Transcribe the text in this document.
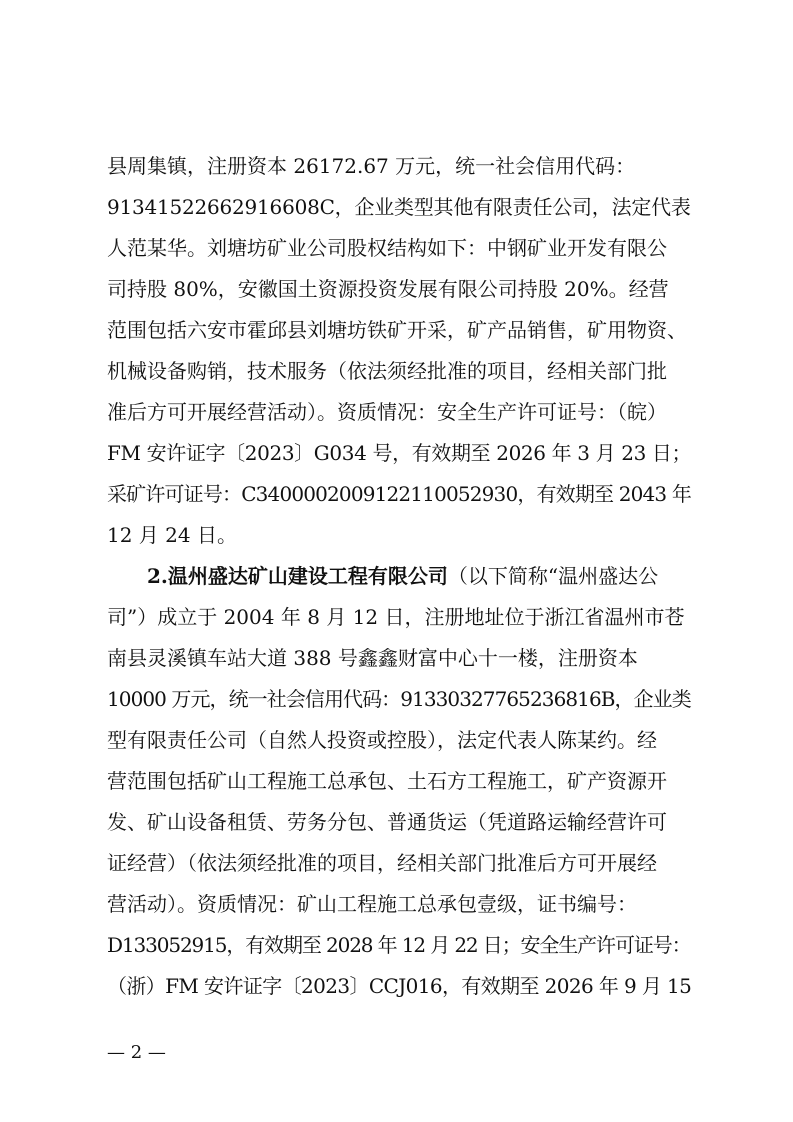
县周集镇，注册资本 26172.67 万元，统一社会信用代码：
91341522662916608C，企业类型其他有限责任公司，法定代表
人范某华。刘塘坊矿业公司股权结构如下：中钢矿业开发有限公
司持股 80%，安徽国土资源投资发展有限公司持股 20%。经营
范围包括六安市霍邱县刘塘坊铁矿开采，矿产品销售，矿用物资、
机械设备购销，技术服务（依法须经批准的项目，经相关部门批
准后方可开展经营活动）。资质情况：安全生产许可证号：（皖）
FM 安许证字〔2023〕G034 号，有效期至 2026 年 3 月 23 日；
采矿许可证号：C3400002009122110052930，有效期至 2043 年
12 月 24 日。
2.温州盛达矿山建设工程有限公司（以下简称“温州盛达公
司”）成立于 2004 年 8 月 12 日，注册地址位于浙江省温州市苍
南县灵溪镇车站大道 388 号鑫鑫财富中心十一楼，注册资本
10000 万元，统一社会信用代码：91330327765236816B，企业类
型有限责任公司（自然人投资或控股），法定代表人陈某约。经
营范围包括矿山工程施工总承包、土石方工程施工，矿产资源开
发、矿山设备租赁、劳务分包、普通货运（凭道路运输经营许可
证经营）（依法须经批准的项目，经相关部门批准后方可开展经
营活动）。资质情况：矿山工程施工总承包壹级，证书编号：
D133052915，有效期至 2028 年 12 月 22 日；安全生产许可证号：
（浙）FM 安许证字〔2023〕CCJ016，有效期至 2026 年 9 月 15
— 2 —
